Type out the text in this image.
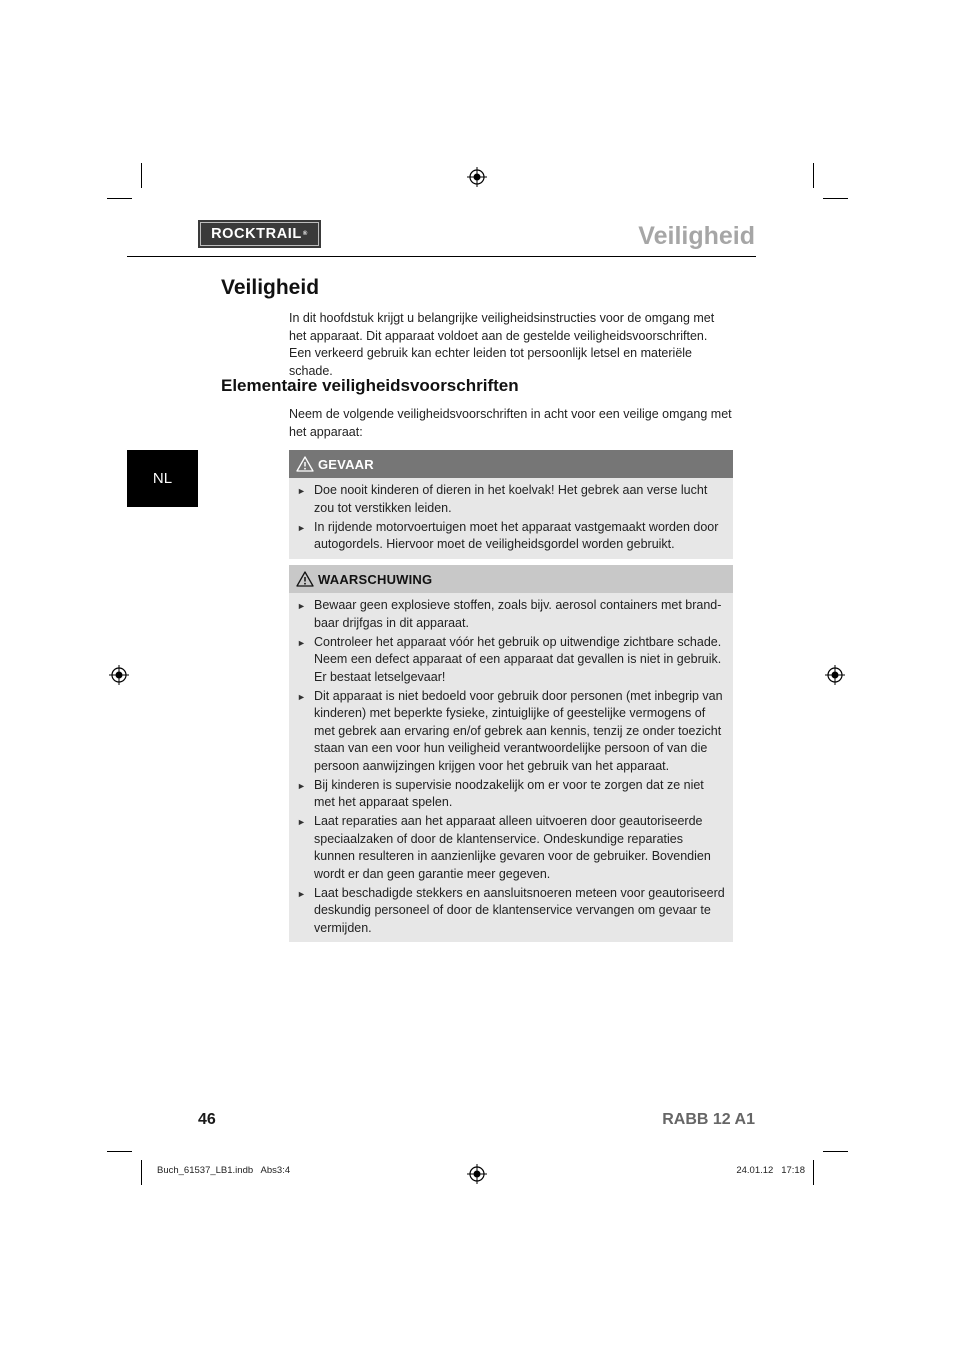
ROCKTRAIL ®	Veiligheid
NL
Veiligheid

In dit hoofdstuk krijgt u belangrijke veiligheidsinstructies voor de omgang met het apparaat. Dit apparaat voldoet aan de gestelde veiligheidsvoorschriften.

Een verkeerd gebruik kan echter leiden tot persoonlijk letsel en materiële schade.

Elementaire veiligheidsvoorschriften

Neem de volgende veiligheidsvoorschriften in acht voor een veilige omgang met het apparaat:

GEVAAR
► Doe nooit kinderen of dieren in het koelvak! Het gebrek aan verse lucht zou tot verstikken leiden.
► In rijdende motorvoertuigen moet het apparaat vastgemaakt worden door autogordels. Hiervoor moet de veiligheidsgordel worden gebruikt.
WAARSCHUWING
► Bewaar geen explosieve stoffen, zoals bijv. aerosol containers met brand-baar drijfgas in dit apparaat.
► Controleer het apparaat vóór het gebruik op uitwendige zichtbare schade. Neem een defect apparaat of een apparaat dat gevallen is niet in gebruik. Er bestaat letselgevaar!
► Dit apparaat is niet bedoeld voor gebruik door personen (met inbegrip van kinderen) met beperkte fysieke, zintuiglijke of geestelijke vermogens of met gebrek aan ervaring en/of gebrek aan kennis, tenzij ze onder toezicht staan van een voor hun veiligheid verantwoordelijke persoon of van die persoon aanwijzingen krijgen voor het gebruik van het apparaat.
► Bij kinderen is supervisie noodzakelijk om er voor te zorgen dat ze niet met het apparaat spelen.
► Laat reparaties aan het apparaat alleen uitvoeren door geautoriseerde speciaalzaken of door de klantenservice. Ondeskundige reparaties kunnen resulteren in aanzienlijke gevaren voor de gebruiker. Bovendien wordt er dan geen garantie meer gegeven.
► Laat beschadigde stekkers en aansluitsnoeren meteen voor geautoriseerd deskundig personeel of door de klantenservice vervangen om gevaar te vermijden.
46	RABB 12 A1
Buch_61537_LB1.indb   Abs3:4	24.01.12   17:18
